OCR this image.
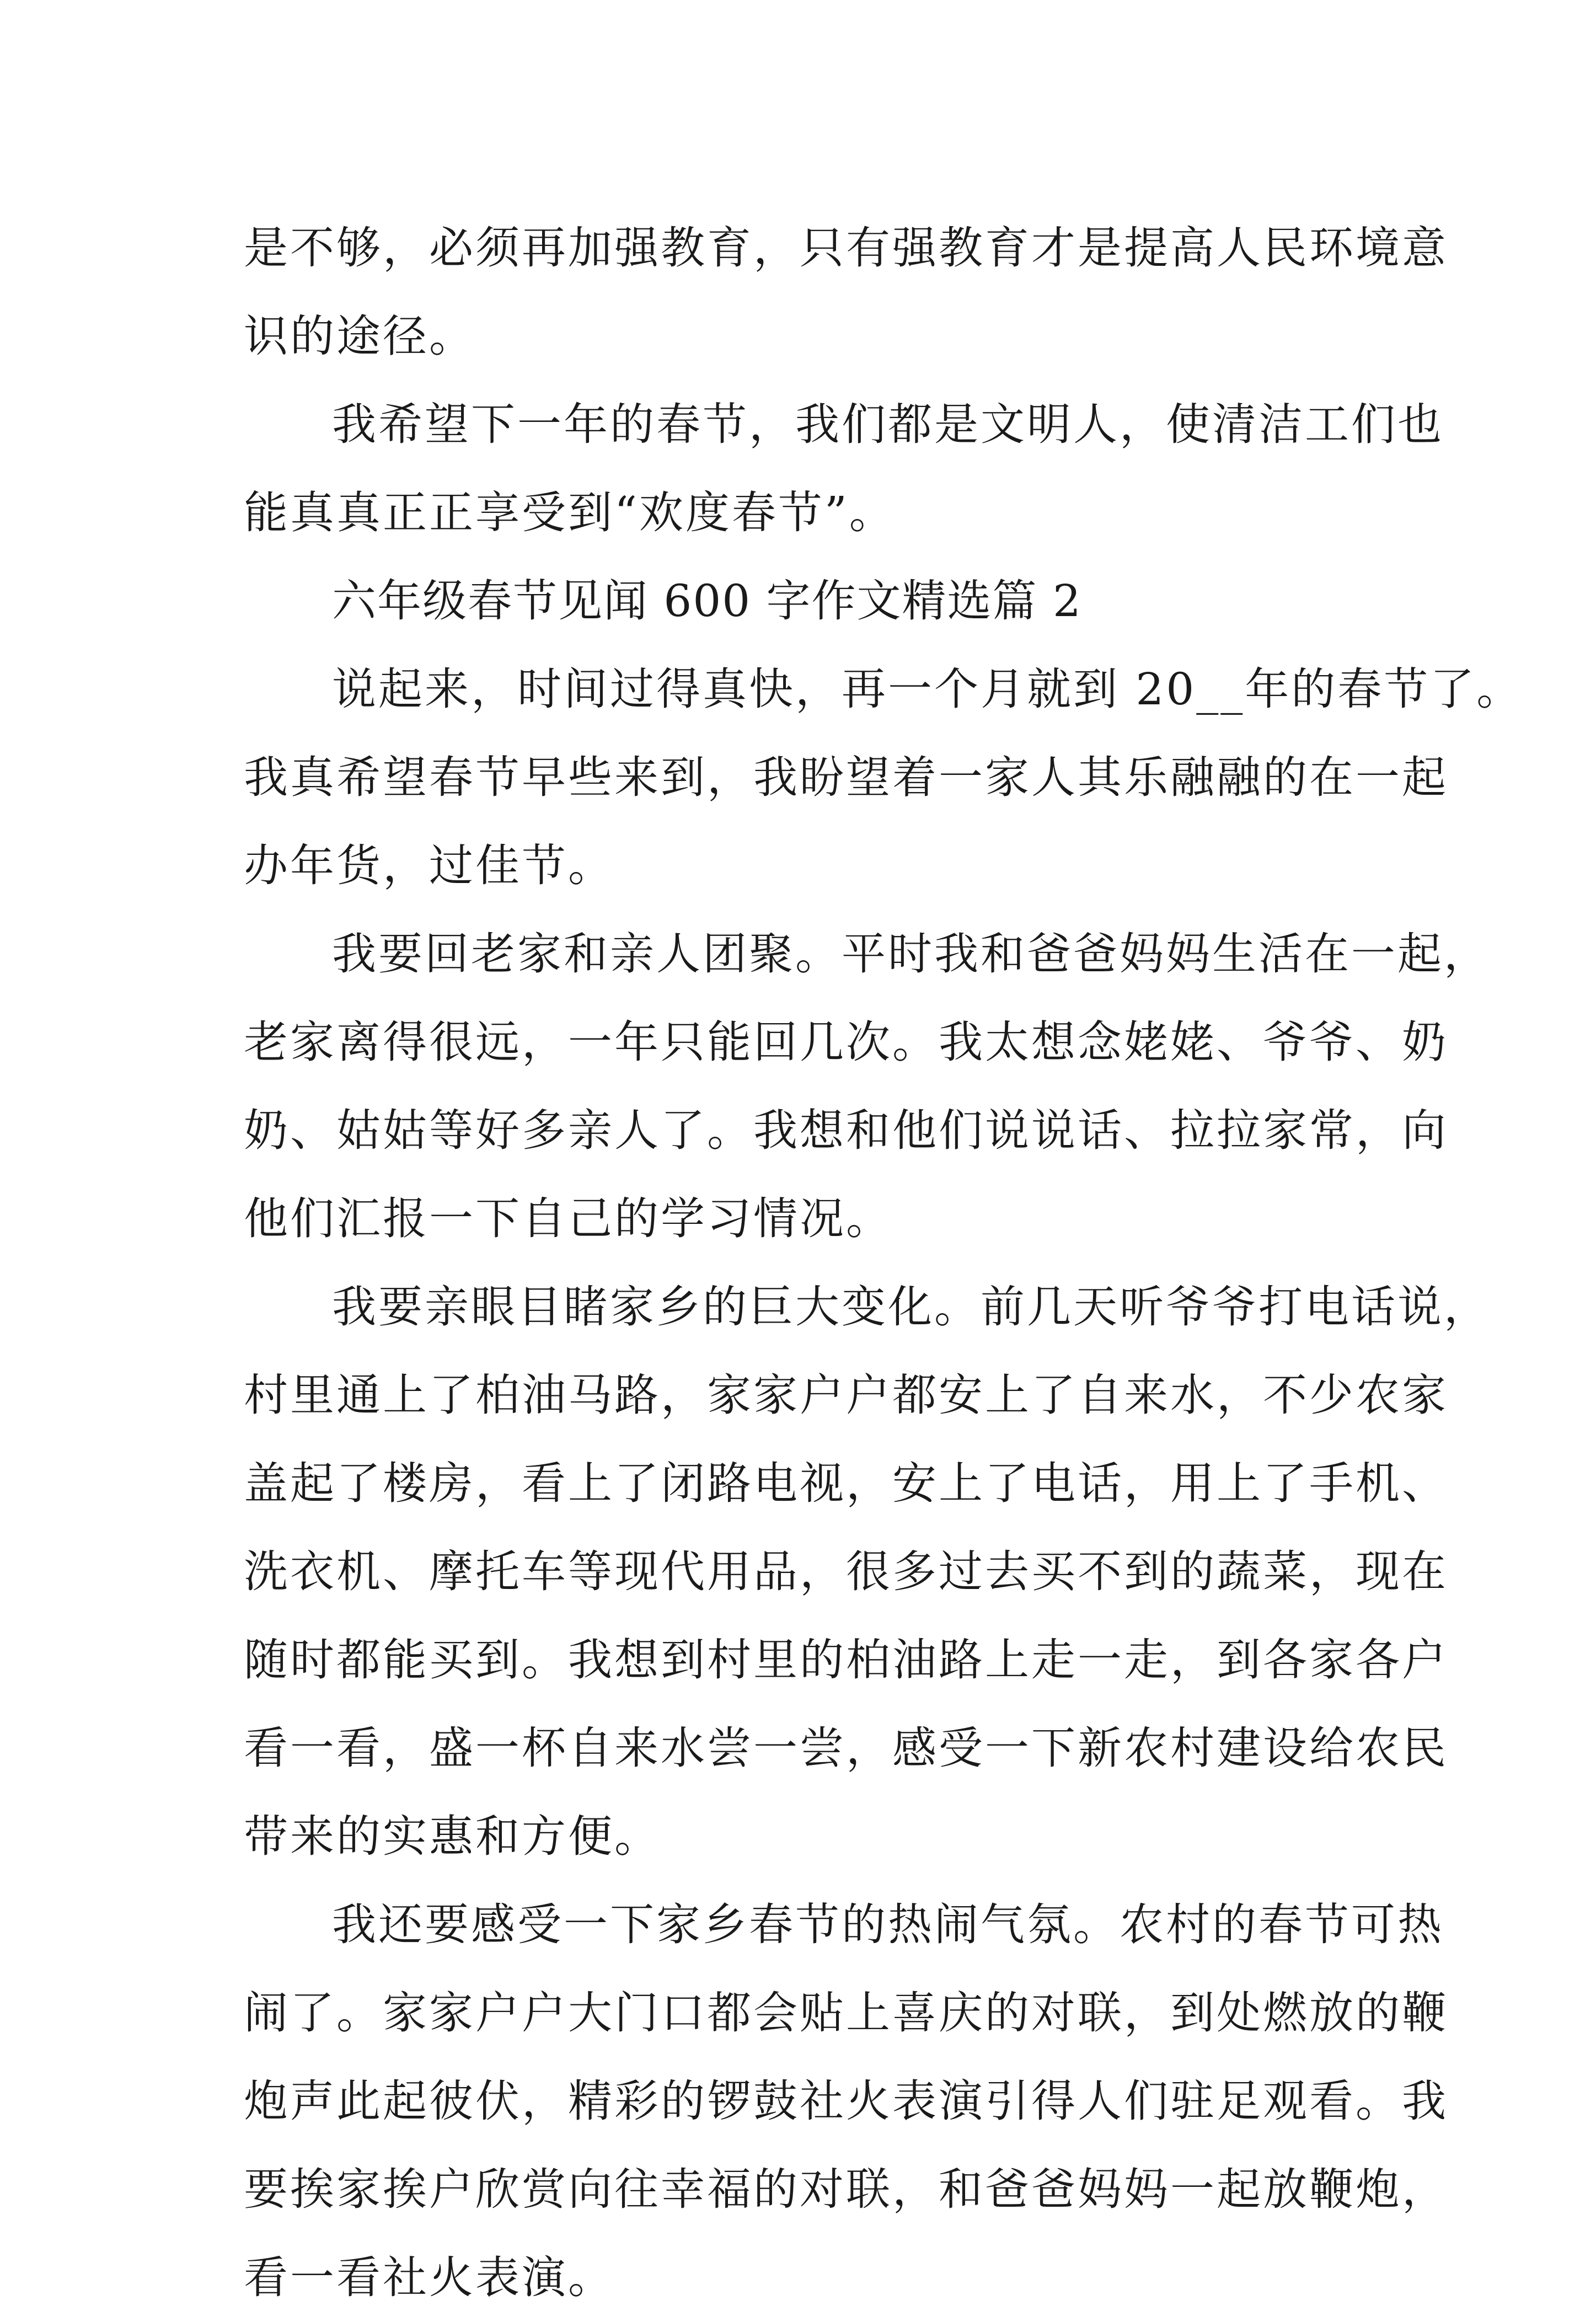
是不够，必须再加强教育，只有强教育才是提高人民环境意
识的途径。
我希望下一年的春节，我们都是文明人，使清洁工们也
能真真正正享受到“欢度春节”。
六年级春节见闻 600 字作文精选篇 2
说起来，时间过得真快，再一个月就到 20__年的春节了。
我真希望春节早些来到，我盼望着一家人其乐融融的在一起
办年货，过佳节。
我要回老家和亲人团聚。平时我和爸爸妈妈生活在一起，
老家离得很远，一年只能回几次。我太想念姥姥、爷爷、奶
奶、姑姑等好多亲人了。我想和他们说说话、拉拉家常，向
他们汇报一下自己的学习情况。
我要亲眼目睹家乡的巨大变化。前几天听爷爷打电话说，
村里通上了柏油马路，家家户户都安上了自来水，不少农家
盖起了楼房，看上了闭路电视，安上了电话，用上了手机、
洗衣机、摩托车等现代用品，很多过去买不到的蔬菜，现在
随时都能买到。我想到村里的柏油路上走一走，到各家各户
看一看，盛一杯自来水尝一尝，感受一下新农村建设给农民
带来的实惠和方便。
我还要感受一下家乡春节的热闹气氛。农村的春节可热
闹了。家家户户大门口都会贴上喜庆的对联，到处燃放的鞭
炮声此起彼伏，精彩的锣鼓社火表演引得人们驻足观看。我
要挨家挨户欣赏向往幸福的对联，和爸爸妈妈一起放鞭炮，
看一看社火表演。
